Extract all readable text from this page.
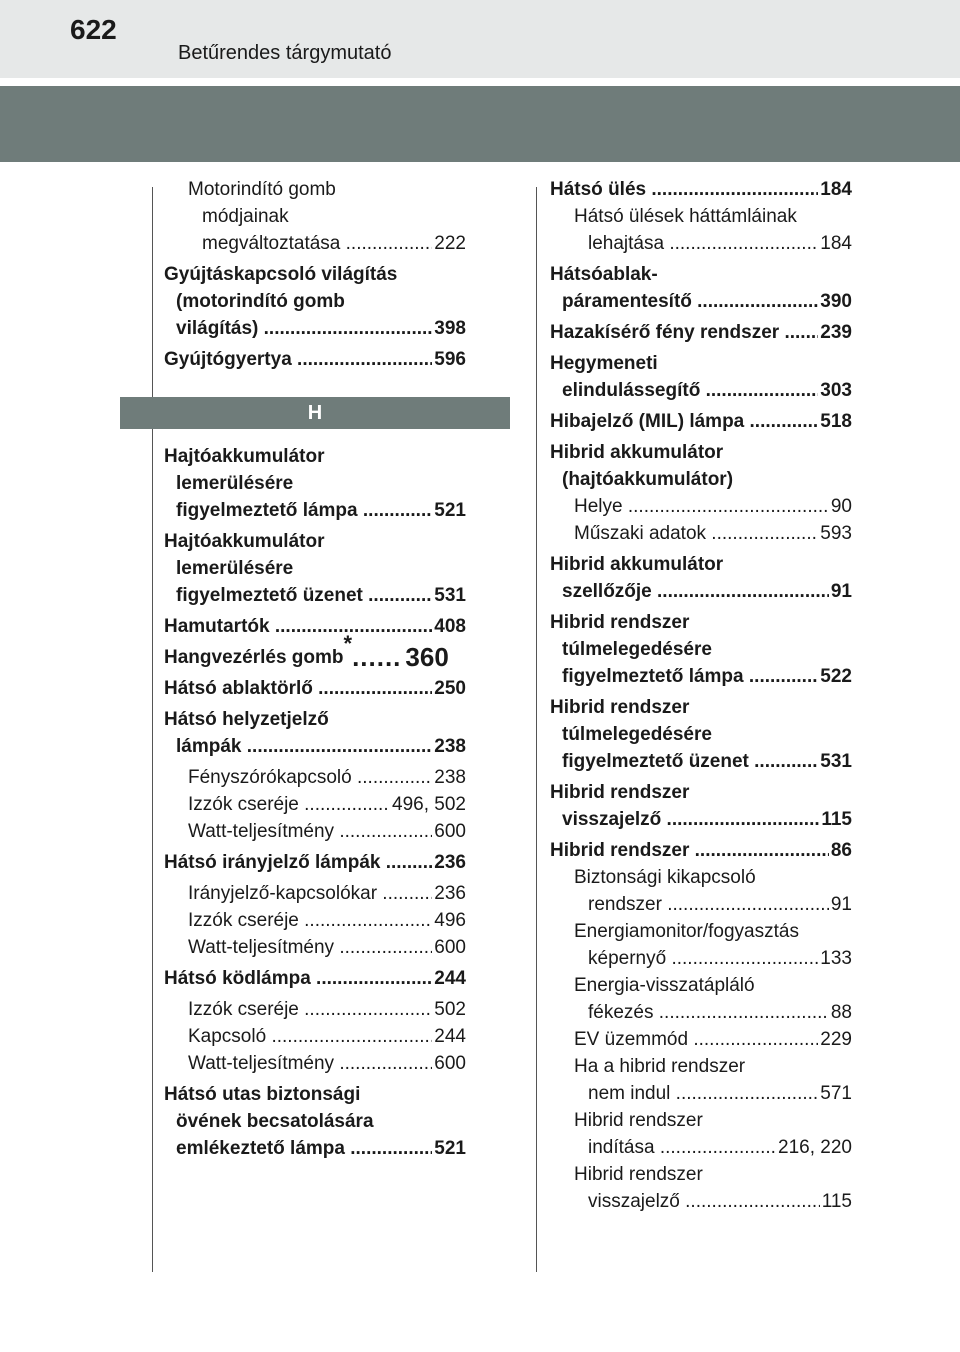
622
Betűrendes tárgymutató
Motorindító gomb
módjainak
megváltoztatása .....	222
Gyújtáskapcsoló világítás
(motorindító gomb
világítás) .....	398
Gyújtógyertya .....	596
H
Hajtóakkumulátor
lemerülésére
figyelmeztető lámpa .....	521
Hajtóakkumulátor
lemerülésére
figyelmeztető üzenet .....	531
Hamutartók .....	408
Hangvezérlés gomb
* ...... 360
Hátsó ablaktörlő .....	250
Hátsó helyzetjelző
lámpák .....	238
Fényszórókapcsoló .....	238
Izzók cseréje .....	496, 502
Watt-teljesítmény .....	600
Hátsó irányjelző lámpák .....	236
Irányjelző-kapcsolókar .....	236
Izzók cseréje .....	496
Watt-teljesítmény .....	600
Hátsó ködlámpa .....	244
Izzók cseréje .....	502
Kapcsoló .....	244
Watt-teljesítmény .....	600
Hátsó utas biztonsági
övének becsatolására
emlékeztető lámpa .....	521
Hátsó ülés .....	184
Hátsó ülések háttámláinak
lehajtása .....	184
Hátsóablak-
páramentesítő .....	390
Hazakísérő fény rendszer .....	239
Hegymeneti
elindulássegítő .....	303
Hibajelző (MIL) lámpa .....	518
Hibrid akkumulátor
(hajtóakkumulátor)
Helye .....	90
Műszaki adatok .....	593
Hibrid akkumulátor
szellőzője .....	91
Hibrid rendszer
túlmelegedésére
figyelmeztető lámpa .....	522
Hibrid rendszer
túlmelegedésére
figyelmeztető üzenet .....	531
Hibrid rendszer
visszajelző .....	115
Hibrid rendszer .....	86
Biztonsági kikapcsoló
rendszer .....	91
Energiamonitor/fogyasztás
képernyő .....	133
Energia-visszatápláló
fékezés .....	88
EV üzemmód .....	229
Ha a hibrid rendszer
nem indul .....	571
Hibrid rendszer
indítása .....	216, 220
Hibrid rendszer
visszajelző .....	115
